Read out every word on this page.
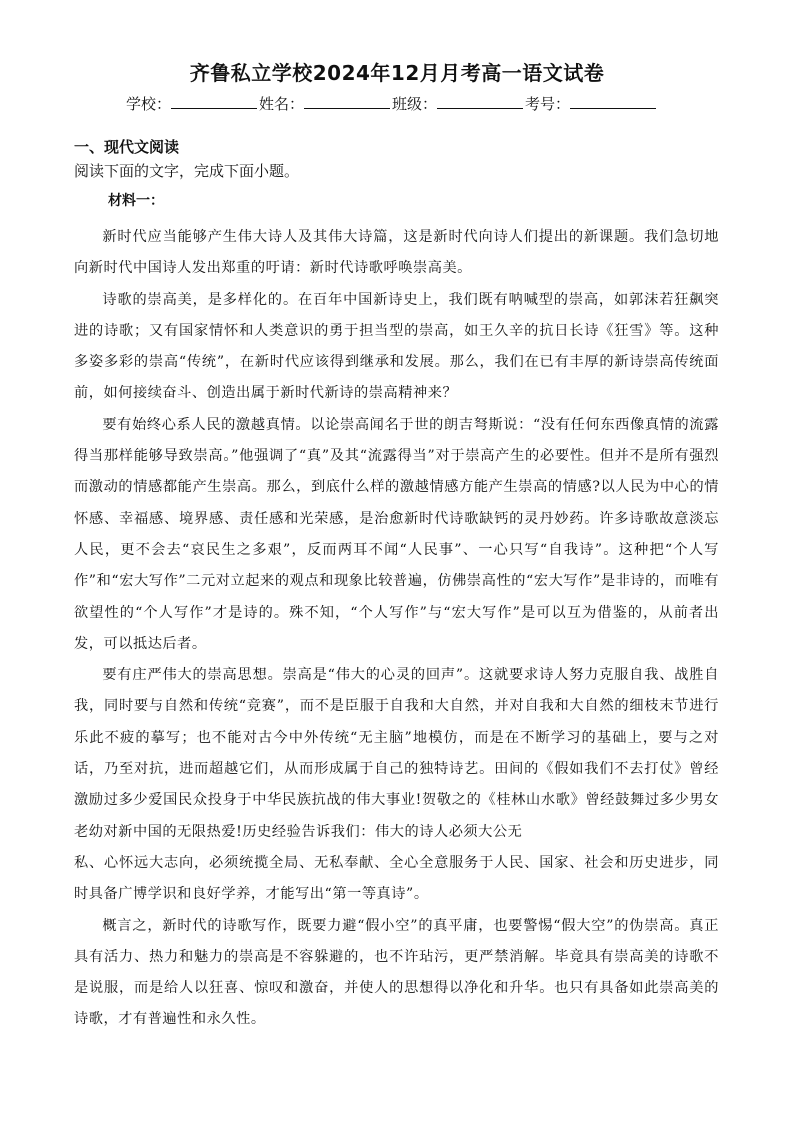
齐鲁私立学校2024年12月月考高一语文试卷
学校：	姓名：	班级：	考号：
一、现代文阅读
阅读下面的文字，完成下面小题。
材料一：

新时代应当能够产生伟大诗人及其伟大诗篇，这是新时代向诗人们提出的新课题。我们急切地向新时代中国诗人发出郑重的吁请：新时代诗歌呼唤崇高美。

诗歌的崇高美，是多样化的。在百年中国新诗史上，我们既有呐喊型的崇高，如郭沫若狂飙突进的诗歌；又有国家情怀和人类意识的勇于担当型的崇高，如王久辛的抗日长诗《狂雪》等。这种多姿多彩的崇高“传统”，在新时代应该得到继承和发展。那么，我们在已有丰厚的新诗崇高传统面前，如何接续奋斗、创造出属于新时代新诗的崇高精神来？

要有始终心系人民的激越真情。以论崇高闻名于世的朗吉弩斯说：“没有任何东西像真情的流露得当那样能够导致崇高。”他强调了“真”及其“流露得当”对于崇高产生的必要性。但并不是所有强烈而激动的情感都能产生崇高。那么，到底什么样的激越情感方能产生崇高的情感?以人民为中心的情怀感、幸福感、境界感、责任感和光荣感，是治愈新时代诗歌缺钙的灵丹妙药。许多诗歌故意淡忘人民，更不会去“哀民生之多艰”，反而两耳不闻“人民事”、一心只写“自我诗”。这种把“个人写作”和“宏大写作”二元对立起来的观点和现象比较普遍，仿佛崇高性的“宏大写作”是非诗的，而唯有欲望性的“个人写作”才是诗的。殊不知，“个人写作”与“宏大写作”是可以互为借鉴的，从前者出发，可以抵达后者。

要有庄严伟大的崇高思想。崇高是“伟大的心灵的回声”。这就要求诗人努力克服自我、战胜自我，同时要与自然和传统“竞赛”，而不是臣服于自我和大自然，并对自我和大自然的细枝末节进行乐此不疲的摹写；也不能对古今中外传统“无主脑”地模仿，而是在不断学习的基础上，要与之对话，乃至对抗，进而超越它们，从而形成属于自己的独特诗艺。田间的《假如我们不去打仗》曾经激励过多少爱国民众投身于中华民族抗战的伟大事业!贺敬之的《桂林山水歌》曾经鼓舞过多少男女老幼对新中国的无限热爱!历史经验告诉我们：伟大的诗人必须大公无

私、心怀远大志向，必须统揽全局、无私奉献、全心全意服务于人民、国家、社会和历史进步，同时具备广博学识和良好学养，才能写出“第一等真诗”。

概言之，新时代的诗歌写作，既要力避“假小空”的真平庸，也要警惕“假大空”的伪崇高。真正具有活力、热力和魅力的崇高是不容躲避的，也不许玷污，更严禁消解。毕竟具有崇高美的诗歌不是说服，而是给人以狂喜、惊叹和激奋，并使人的思想得以净化和升华。也只有具备如此崇高美的诗歌，才有普遍性和永久性。
